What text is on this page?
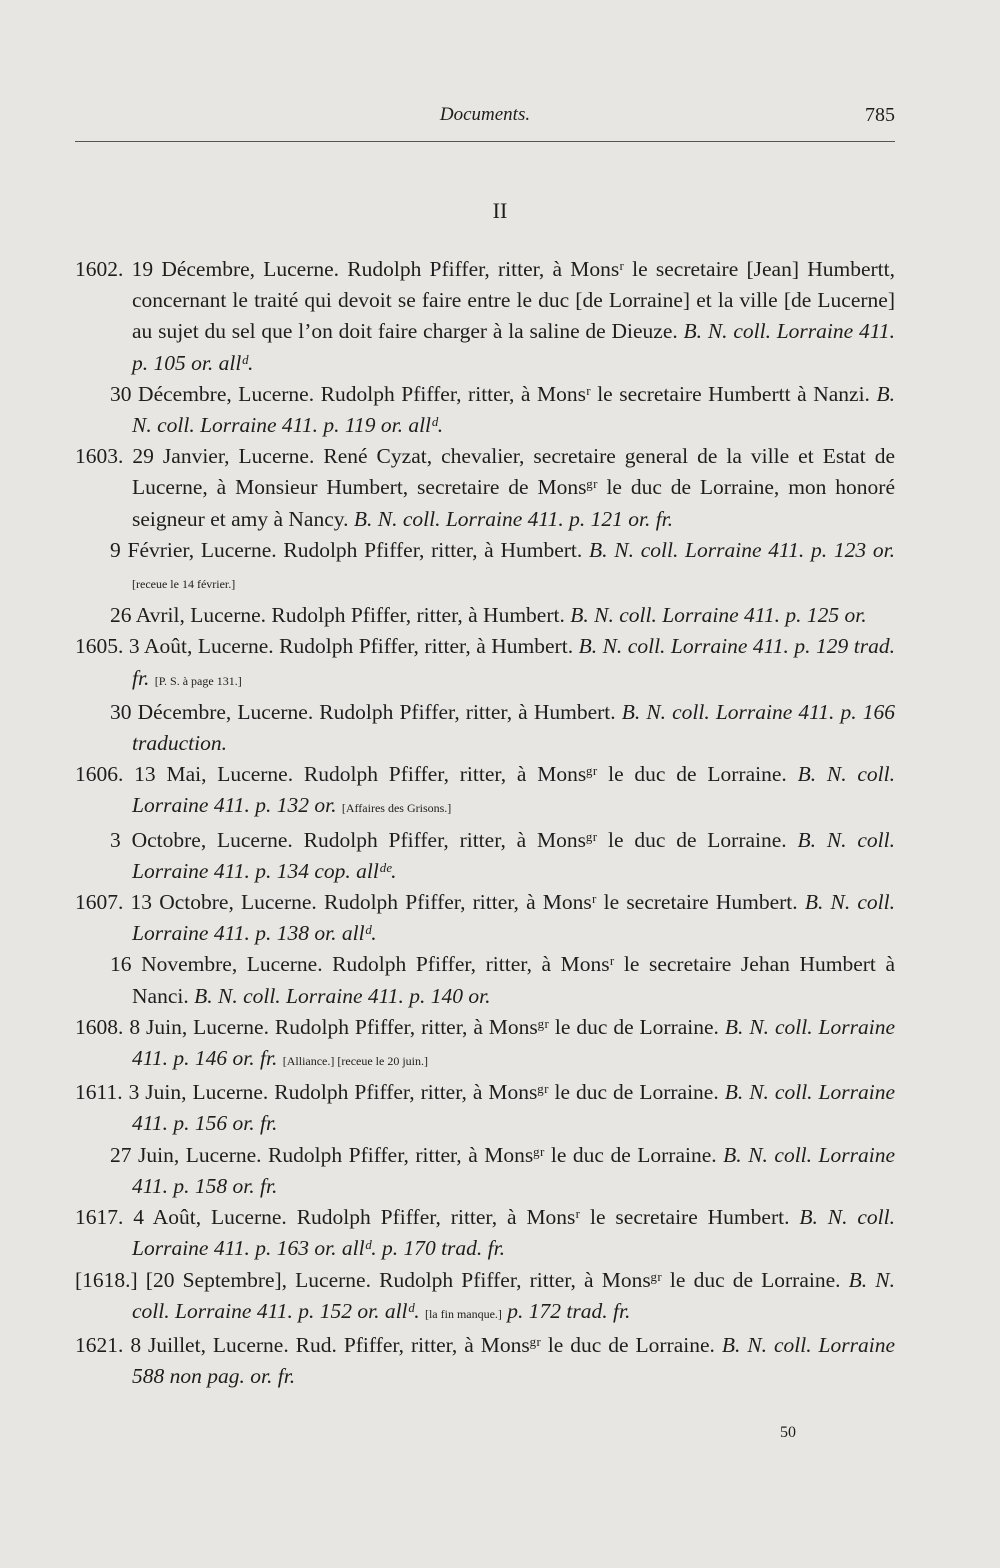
Documents.	785
II
1602. 19 Décembre, Lucerne. Rudolph Pfiffer, ritter, à Monsʳ le secretaire [Jean] Humbertt, concernant le traité qui devoit se faire entre le duc [de Lorraine] et la ville [de Lucerne] au sujet du sel que l’on doit faire charger à la saline de Dieuze. B. N. coll. Lorraine 411. p. 105 or. allᵈ.
30 Décembre, Lucerne. Rudolph Pfiffer, ritter, à Monsʳ le secretaire Humbertt à Nanzi. B. N. coll. Lorraine 411. p. 119 or. allᵈ.
1603. 29 Janvier, Lucerne. René Cyzat, chevalier, secretaire general de la ville et Estat de Lucerne, à Monsieur Humbert, secretaire de Monsᵍʳ le duc de Lorraine, mon honoré seigneur et amy à Nancy. B. N. coll. Lorraine 411. p. 121 or. fr.
9 Février, Lucerne. Rudolph Pfiffer, ritter, à Humbert. B. N. coll. Lorraine 411. p. 123 or. [receue le 14 février.]
26 Avril, Lucerne. Rudolph Pfiffer, ritter, à Humbert. B. N. coll. Lorraine 411. p. 125 or.
1605. 3 Août, Lucerne. Rudolph Pfiffer, ritter, à Humbert. B. N. coll. Lorraine 411. p. 129 trad. fr. [P. S. à page 131.]
30 Décembre, Lucerne. Rudolph Pfiffer, ritter, à Humbert. B. N. coll. Lorraine 411. p. 166 traduction.
1606. 13 Mai, Lucerne. Rudolph Pfiffer, ritter, à Monsᵍʳ le duc de Lorraine. B. N. coll. Lorraine 411. p. 132 or. [Affaires des Grisons.]
3 Octobre, Lucerne. Rudolph Pfiffer, ritter, à Monsᵍʳ le duc de Lorraine. B. N. coll. Lorraine 411. p. 134 cop. allᵈᵉ.
1607. 13 Octobre, Lucerne. Rudolph Pfiffer, ritter, à Monsʳ le secretaire Humbert. B. N. coll. Lorraine 411. p. 138 or. allᵈ.
16 Novembre, Lucerne. Rudolph Pfiffer, ritter, à Monsʳ le secretaire Jehan Humbert à Nanci. B. N. coll. Lorraine 411. p. 140 or.
1608. 8 Juin, Lucerne. Rudolph Pfiffer, ritter, à Monsᵍʳ le duc de Lorraine. B. N. coll. Lorraine 411. p. 146 or. fr. [Alliance.] [receue le 20 juin.]
1611. 3 Juin, Lucerne. Rudolph Pfiffer, ritter, à Monsᵍʳ le duc de Lorraine. B. N. coll. Lorraine 411. p. 156 or. fr.
27 Juin, Lucerne. Rudolph Pfiffer, ritter, à Monsᵍʳ le duc de Lorraine. B. N. coll. Lorraine 411. p. 158 or. fr.
1617. 4 Août, Lucerne. Rudolph Pfiffer, ritter, à Monsʳ le secretaire Humbert. B. N. coll. Lorraine 411. p. 163 or. allᵈ. p. 170 trad. fr.
[1618.] [20 Septembre], Lucerne. Rudolph Pfiffer, ritter, à Monsᵍʳ le duc de Lorraine. B. N. coll. Lorraine 411. p. 152 or. allᵈ. [la fin manque.] p. 172 trad. fr.
1621. 8 Juillet, Lucerne. Rud. Pfiffer, ritter, à Monsᵍʳ le duc de Lorraine. B. N. coll. Lorraine 588 non pag. or. fr.
50
